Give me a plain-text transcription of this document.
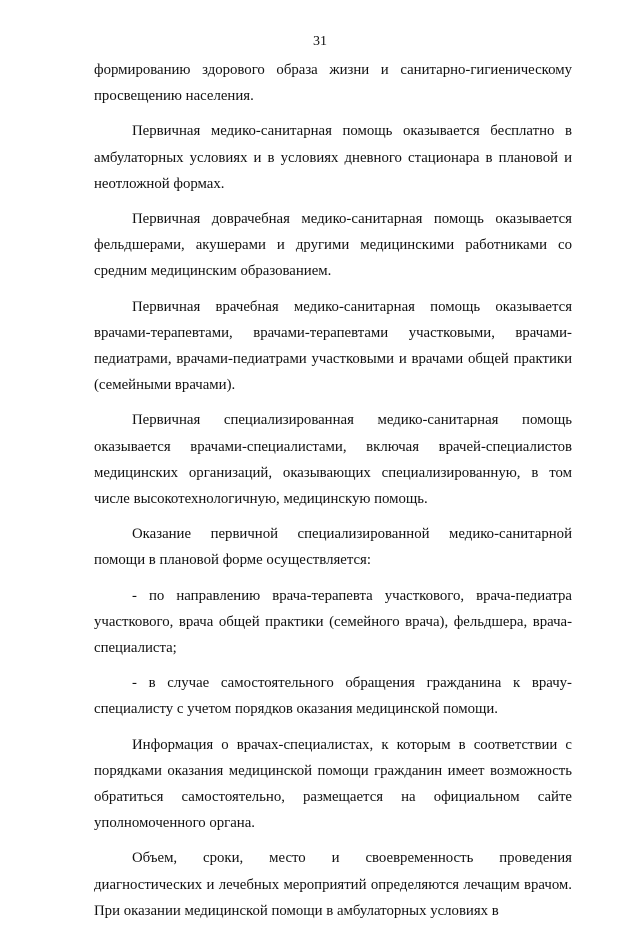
31

формированию здорового образа жизни и санитарно-гигиеническому просвещению населения.

Первичная медико-санитарная помощь оказывается бесплатно в амбулаторных условиях и в условиях дневного стационара в плановой и неотложной формах.

Первичная доврачебная медико-санитарная помощь оказывается фельдшерами, акушерами и другими медицинскими работниками со средним медицинским образованием.

Первичная врачебная медико-санитарная помощь оказывается врачами-терапевтами, врачами-терапевтами участковыми, врачами-педиатрами, врачами-педиатрами участковыми и врачами общей практики (семейными врачами).

Первичная специализированная медико-санитарная помощь оказывается врачами-специалистами, включая врачей-специалистов медицинских организаций, оказывающих специализированную, в том числе высокотехнологичную, медицинскую помощь.

Оказание первичной специализированной медико-санитарной помощи в плановой форме осуществляется:

- по направлению врача-терапевта участкового, врача-педиатра участкового, врача общей практики (семейного врача), фельдшера, врача-специалиста;

- в случае самостоятельного обращения гражданина к врачу-специалисту с учетом порядков оказания медицинской помощи.

Информация о врачах-специалистах, к которым в соответствии с порядками оказания медицинской помощи гражданин имеет возможность обратиться самостоятельно, размещается на официальном сайте уполномоченного органа.

Объем, сроки, место и своевременность проведения диагностических и лечебных мероприятий определяются лечащим врачом. При оказании медицинской помощи в амбулаторных условиях в
